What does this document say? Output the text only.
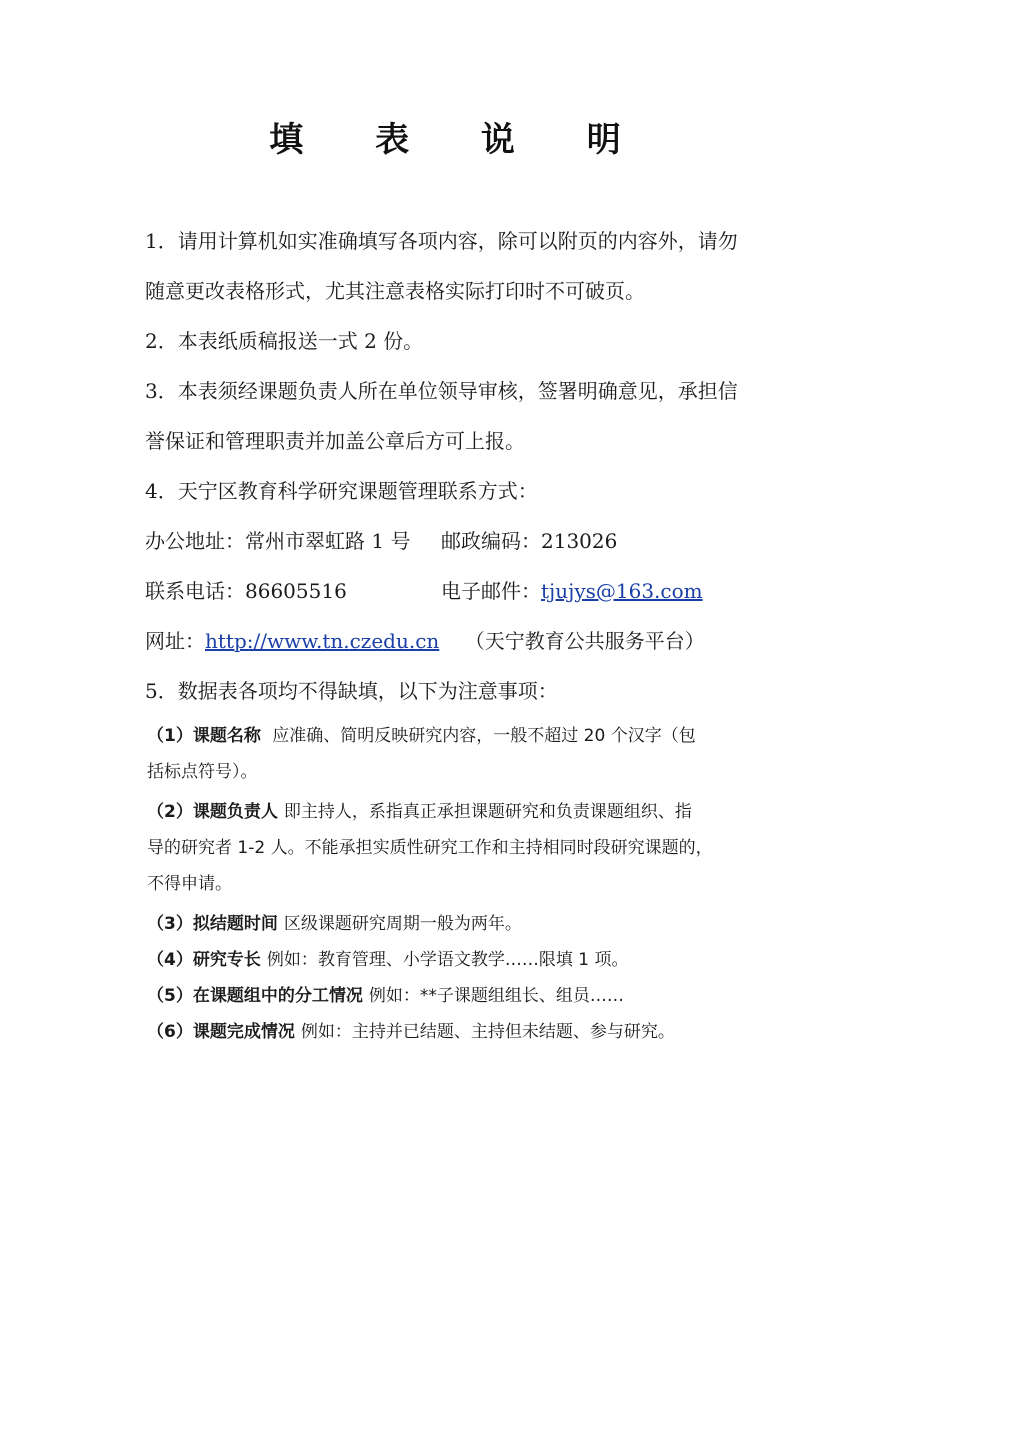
填 表 说 明
1．请用计算机如实准确填写各项内容，除可以附页的内容外，请勿
随意更改表格形式，尤其注意表格实际打印时不可破页。
2．本表纸质稿报送一式 2 份。
3．本表须经课题负责人所在单位领导审核，签署明确意见，承担信
誉保证和管理职责并加盖公章后方可上报。
4．天宁区教育科学研究课题管理联系方式：
办公地址：常州市翠虹路 1 号 邮政编码：213026
联系电话：86605516	电子邮件：tjujys@163.com
网址：http://www.tn.czedu.cn （天宁教育公共服务平台）
5．数据表各项均不得缺填，以下为注意事项：
（1）课题名称 应准确、简明反映研究内容，一般不超过 20 个汉字（包
括标点符号）。
（2）课题负责人 即主持人，系指真正承担课题研究和负责课题组织、指
导的研究者 1-2 人。不能承担实质性研究工作和主持相同时段研究课题的，
不得申请。
（3）拟结题时间 区级课题研究周期一般为两年。
（4）研究专长 例如：教育管理、小学语文教学……限填 1 项。
（5）在课题组中的分工情况 例如：**子课题组组长、组员……
（6）课题完成情况 例如：主持并已结题、主持但未结题、参与研究。
